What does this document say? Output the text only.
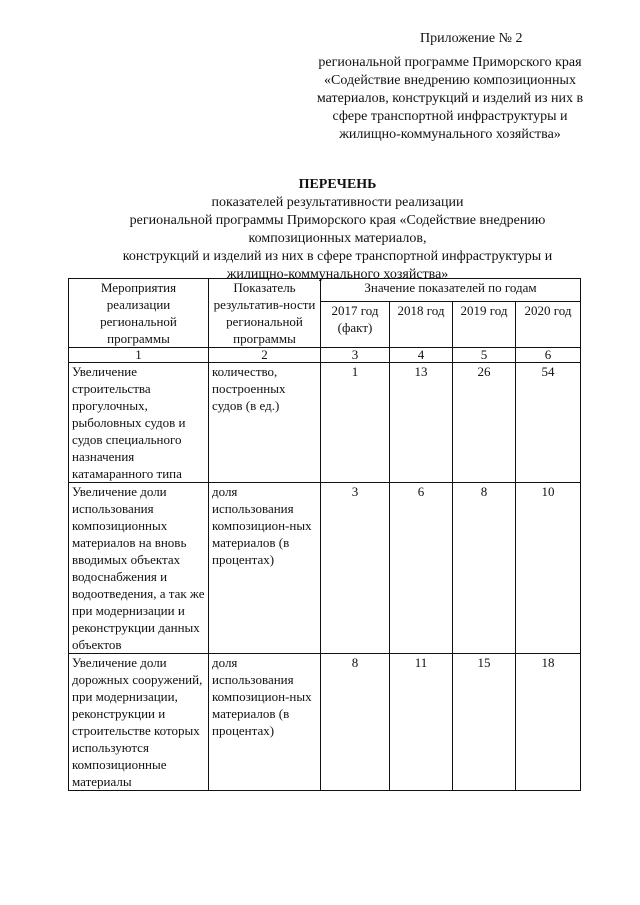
Приложение № 2
региональной программе Приморского края
«Содействие внедрению композиционных
материалов, конструкций и изделий из них в
сфере транспортной инфраструктуры и
жилищно-коммунального хозяйства»
ПЕРЕЧЕНЬ
показателей результативности реализации
региональной программы Приморского края «Содействие внедрению
композиционных материалов,
конструкций и изделий из них в сфере транспортной инфраструктуры и
жилищно-коммунального хозяйства»
Мероприятия реализации региональной программы	Показатель результатив-ности региональной программы	Значение показателей по годам			
		2017 год (факт)	2018 год	2019 год	2020 год
1	2	3	4	5	6
Увеличение строительства прогулочных, рыболовных судов и судов специального назначения катамаранного типа	количество, построенных судов (в ед.)	1	13	26	54
Увеличение доли использования композиционных материалов на вновь вводимых объектах водоснабжения и водоотведения, а так же при модернизации и реконструкции данных объектов	доля использования композицион-ных материалов (в процентах)	3	6	8	10
Увеличение доли дорожных сооружений, при модернизации, реконструкции и строительстве которых используются композиционные материалы	доля использования композицион-ных материалов (в процентах)	8	11	15	18
